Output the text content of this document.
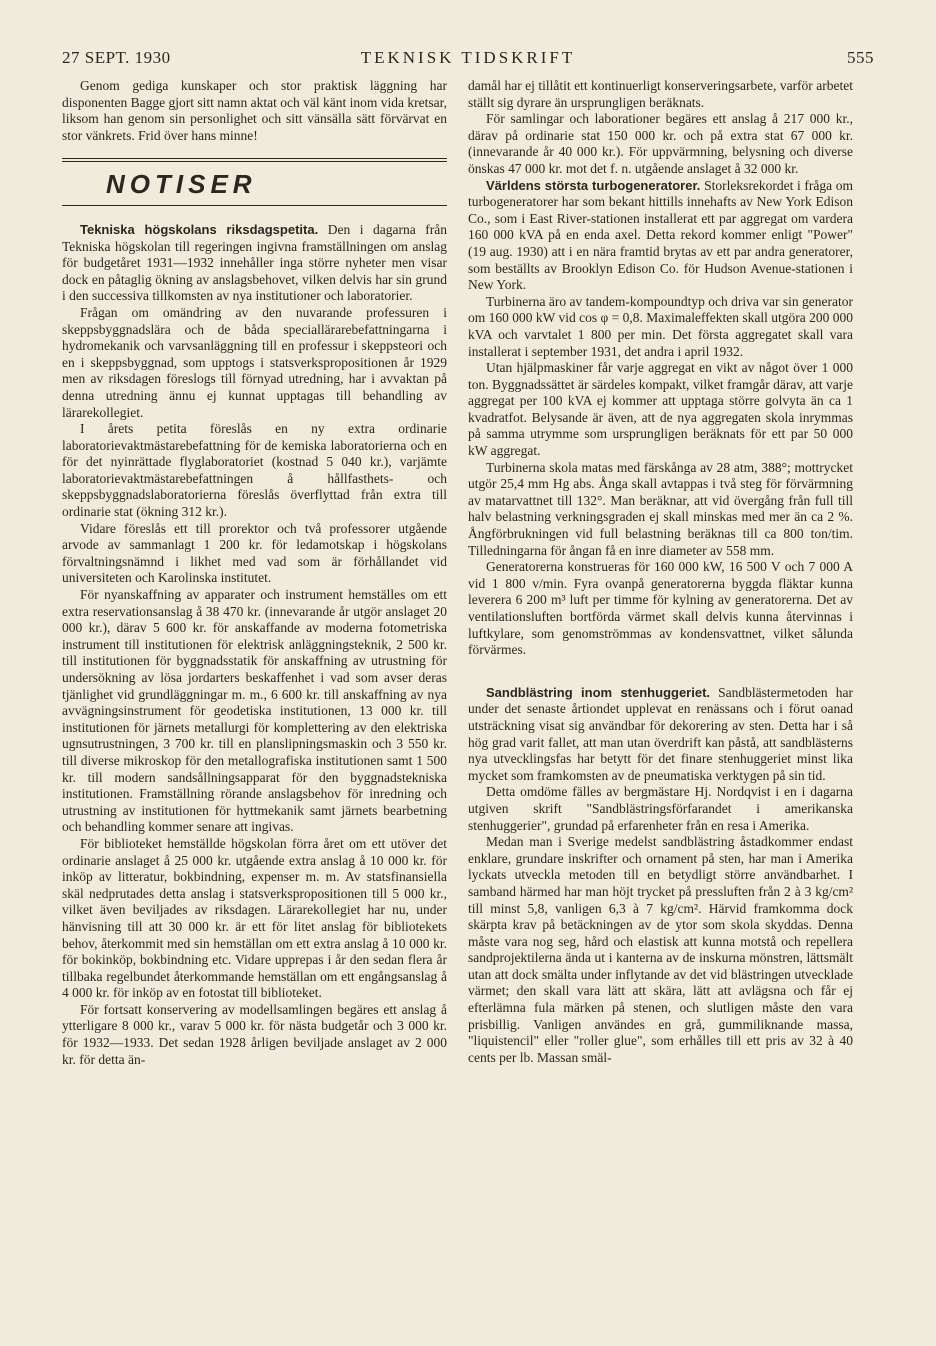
27 SEPT. 1930	TEKNISK TIDSKRIFT	555

Genom gediga kunskaper och stor praktisk läggning har disponenten Bagge gjort sitt namn aktat och väl känt inom vida kretsar, liksom han genom sin personlighet och sitt vänsälla sätt förvärvat en stor vänkrets. Frid över hans minne!

NOTISER

Tekniska högskolans riksdagspetita. Den i dagarna från Tekniska högskolan till regeringen ingivna framställningen om anslag för budgetåret 1931—1932 innehåller inga större nyheter men visar dock en påtaglig ökning av anslagsbehovet, vilken delvis har sin grund i den successiva tillkomsten av nya institutioner och laboratorier.

Frågan om omändring av den nuvarande professuren i skeppsbyggnadslära och de båda speciallärarebefattningarna i hydromekanik och varvsanläggning till en professur i skeppsteori och en i skeppsbyggnad, som upptogs i statsverkspropositionen år 1929 men av riksdagen föreslogs till förnyad utredning, har i avvaktan på denna utredning ännu ej kunnat upptagas till behandling av lärarekollegiet.

I årets petita föreslås en ny extra ordinarie laboratorievaktmästarebefattning för de kemiska laboratorierna och en för det nyinrättade flyglaboratoriet (kostnad 5 040 kr.), varjämte laboratorievaktmästarebefattningen å hållfasthets- och skeppsbyggnadslaboratorierna föreslås överflyttad från extra till ordinarie stat (ökning 312 kr.).

Vidare föreslås ett till prorektor och två professorer utgående arvode av sammanlagt 1 200 kr. för ledamotskap i högskolans förvaltningsnämnd i likhet med vad som är förhållandet vid universiteten och Karolinska institutet.

För nyanskaffning av apparater och instrument hemställes om ett extra reservationsanslag å 38 470 kr. (innevarande år utgör anslaget 20 000 kr.), därav 5 600 kr. för anskaffande av moderna fotometriska instrument till institutionen för elektrisk anläggningsteknik, 2 500 kr. till institutionen för byggnadsstatik för anskaffning av utrustning för undersökning av lösa jordarters beskaffenhet i vad som avser deras tjänlighet vid grundläggningar m. m., 6 600 kr. till anskaffning av nya avvägningsinstrument för geodetiska institutionen, 13 000 kr. till institutionen för järnets metallurgi för komplettering av den elektriska ugnsutrustningen, 3 700 kr. till en planslipningsmaskin och 3 550 kr. till diverse mikroskop för den metallografiska institutionen samt 1 500 kr. till modern sandsållningsapparat för den byggnadstekniska institutionen. Framställning rörande anslagsbehov för inredning och utrustning av institutionen för hyttmekanik samt järnets bearbetning och behandling kommer senare att ingivas.

För biblioteket hemställde högskolan förra året om ett utöver det ordinarie anslaget å 25 000 kr. utgående extra anslag å 10 000 kr. för inköp av litteratur, bokbindning, expenser m. m. Av statsfinansiella skäl nedprutades detta anslag i statsverkspropositionen till 5 000 kr., vilket även beviljades av riksdagen. Lärarekollegiet har nu, under hänvisning till att 30 000 kr. är ett för litet anslag för bibliotekets behov, återkommit med sin hemställan om ett extra anslag å 10 000 kr. för bokinköp, bokbindning etc. Vidare upprepas i år den sedan flera år tillbaka regelbundet återkommande hemställan om ett engångsanslag å 4 000 kr. för inköp av en fotostat till biblioteket.

För fortsatt konservering av modellsamlingen begäres ett anslag å ytterligare 8 000 kr., varav 5 000 kr. för nästa budgetår och 3 000 kr. för 1932—1933. Det sedan 1928 årligen beviljade anslaget av 2 000 kr. för detta än-

damål har ej tillåtit ett kontinuerligt konserveringsarbete, varför arbetet ställt sig dyrare än ursprungligen beräknats.

För samlingar och laborationer begäres ett anslag å 217 000 kr., därav på ordinarie stat 150 000 kr. och på extra stat 67 000 kr. (innevarande år 40 000 kr.). För uppvärmning, belysning och diverse önskas 47 000 kr. mot det f. n. utgående anslaget å 32 000 kr.

Världens största turbogeneratorer. Storleksrekordet i fråga om turbogeneratorer har som bekant hittills innehafts av New York Edison Co., som i East River-stationen installerat ett par aggregat om vardera 160 000 kVA på en enda axel. Detta rekord kommer enligt "Power" (19 aug. 1930) att i en nära framtid brytas av ett par andra generatorer, som beställts av Brooklyn Edison Co. för Hudson Avenue-stationen i New York.

Turbinerna äro av tandem-kompoundtyp och driva var sin generator om 160 000 kW vid cos φ = 0,8. Maximaleffekten skall utgöra 200 000 kVA och varvtalet 1 800 per min. Det första aggregatet skall vara installerat i september 1931, det andra i april 1932.

Utan hjälpmaskiner får varje aggregat en vikt av något över 1 000 ton. Byggnadssättet är särdeles kompakt, vilket framgår därav, att varje aggregat per 100 kVA ej kommer att upptaga större golvyta än ca 1 kvadratfot. Belysande är även, att de nya aggregaten skola inrymmas på samma utrymme som ursprungligen beräknats för ett par 50 000 kW aggregat.

Turbinerna skola matas med färskånga av 28 atm, 388°; mottrycket utgör 25,4 mm Hg abs. Ånga skall avtappas i två steg för förvärmning av matarvattnet till 132°. Man beräknar, att vid övergång från full till halv belastning verkningsgraden ej skall minskas med mer än ca 2 %. Ångförbrukningen vid full belastning beräknas till ca 800 ton/tim. Tilledningarna för ångan få en inre diameter av 558 mm.

Generatorerna konstrueras för 160 000 kW, 16 500 V och 7 000 A vid 1 800 v/min. Fyra ovanpå generatorerna byggda fläktar kunna leverera 6 200 m³ luft per timme för kylning av generatorerna. Det av ventilationsluften bortförda värmet skall delvis kunna återvinnas i luftkylare, som genomströmmas av kondensvattnet, vilket sålunda förvärmes.

Sandblästring inom stenhuggeriet. Sandblästermetoden har under det senaste årtiondet upplevat en renässans och i förut oanad utsträckning visat sig användbar för dekorering av sten. Detta har i så hög grad varit fallet, att man utan överdrift kan påstå, att sandblästerns nya utvecklingsfas har betytt för det finare stenhuggeriet minst lika mycket som framkomsten av de pneumatiska verktygen på sin tid.

Detta omdöme fälles av bergmästare Hj. Nordqvist i en i dagarna utgiven skrift "Sandblästringsförfarandet i amerikanska stenhuggerier", grundad på erfarenheter från en resa i Amerika.

Medan man i Sverige medelst sandblästring åstadkommer endast enklare, grundare inskrifter och ornament på sten, har man i Amerika lyckats utveckla metoden till en betydligt större användbarhet. I samband härmed har man höjt trycket på pressluften från 2 à 3 kg/cm² till minst 5,8, vanligen 6,3 à 7 kg/cm². Härvid framkomma dock skärpta krav på betäckningen av de ytor som skola skyddas. Denna måste vara nog seg, hård och elastisk att kunna motstå och repellera sandprojektilerna ända ut i kanterna av de inskurna mönstren, lättsmält utan att dock smälta under inflytande av det vid blästringen utvecklade värmet; den skall vara lätt att skära, lätt att avlägsna och får ej efterlämna fula märken på stenen, och slutligen måste den vara prisbillig. Vanligen användes en grå, gummiliknande massa, "liquistencil" eller "roller glue", som erhålles till ett pris av 32 à 40 cents per lb. Massan smäl-
